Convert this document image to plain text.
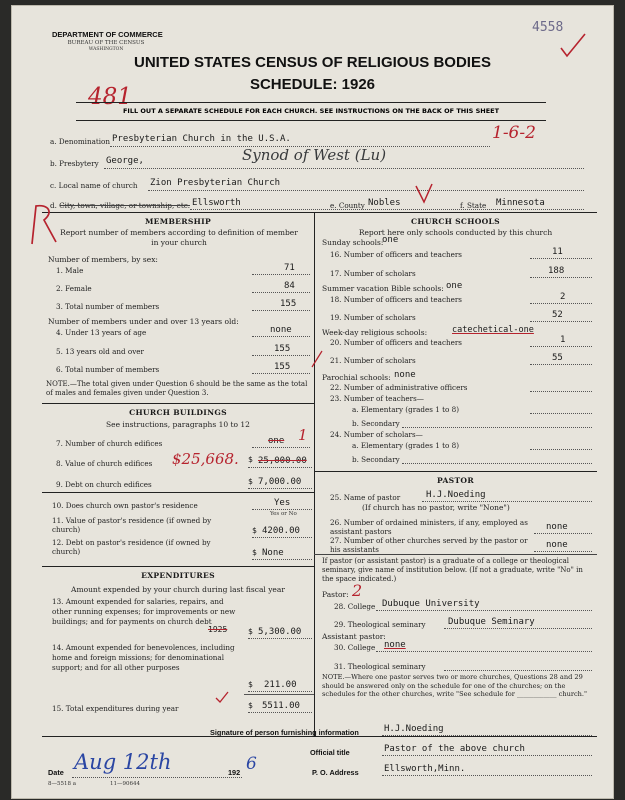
DEPARTMENT OF COMMERCE
BUREAU OF THE CENSUS
WASHINGTON
4558
UNITED STATES CENSUS OF RELIGIOUS BODIES
SCHEDULE: 1926
481
FILL OUT A SEPARATE SCHEDULE FOR EACH CHURCH. SEE INSTRUCTIONS ON THE BACK OF THIS SHEET
a. Denomination Presbyterian Church in the U.S.A.	1-6-2
b. Presbytery George,	Synod of West (Lu)
c. Local name of church Zion Presbyterian Church
d. City, town, village, or township, etc. Ellsworth	e. County Nobles	f. State Minnesota
MEMBERSHIP
Report number of members according to definition of member in your church
Number of members, by sex:
1. Male	71
2. Female	84
3. Total number of members	155
Number of members under and over 13 years old:
4. Under 13 years of age	none
5. 13 years old and over	155
6. Total number of members	155
NOTE.—The total given under Question 6 should be the same as the total of males and females given under Question 3.
CHURCH BUILDINGS
See instructions, paragraphs 10 to 12
7. Number of church edifices	one 1
8. Value of church edifices $25,668. $ 25,000.00
9. Debt on church edifices	$ 7,000.00
10. Does church own pastor's residence	Yes
Yes or No
11. Value of pastor's residence (if owned by church)	$ 4200.00
12. Debt on pastor's residence (if owned by church)	$ None
EXPENDITURES
Amount expended by your church during last fiscal year
13. Amount expended for salaries, repairs, and other running expenses; for improvements or new buildings; and for payments on church debt
1925	$ 5,300.00
14. Amount expended for benevolences, including home and foreign missions; for denominational support; and for all other purposes
$ 211.00
15. Total expenditures during year	$ 5511.00
CHURCH SCHOOLS
Report here only schools conducted by this church
Sunday schools:
one
16. Number of officers and teachers	11
17. Number of scholars	188
Summer vacation Bible schools: one
18. Number of officers and teachers	2
19. Number of scholars	52
Week-day religious schools:	catechetical-one
20. Number of officers and teachers	1
21. Number of scholars	55
Parochial schools: none
22. Number of administrative officers
23. Number of teachers—
a. Elementary (grades 1 to 8)
b. Secondary
24. Number of scholars—
a. Elementary (grades 1 to 8)
b. Secondary
PASTOR
25. Name of pastor	H.J.Noeding
(If church has no pastor, write "None")
26. Number of ordained ministers, if any, employed as assistant pastors	none
27. Number of other churches served by the pastor or his assistants	none
If pastor (or assistant pastor) is a graduate of a college or theological seminary, give name of institution below. (If not a graduate, write "No" in the space indicated.)
Pastor: 2
28. College Dubuque University
29. Theological seminary Dubuque Seminary
Assistant pastor:
30. College none
31. Theological seminary
NOTE.—Where one pastor serves two or more churches, Questions 28 and 29 should be answered only on the schedule for one of the churches; on the schedules for the other churches, write "See schedule for ____________ church."
Signature of person furnishing information	H.J.Noeding
Official title	Pastor of the above church
Date Aug 12th	192 6	P. O. Address	Ellsworth,Minn.
8—5518 a	11—90644
